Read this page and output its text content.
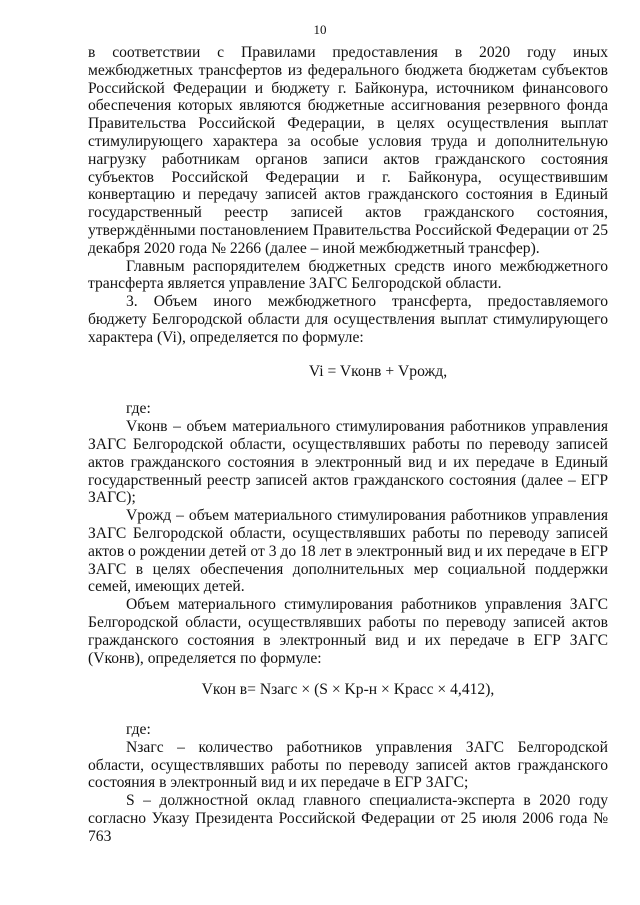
10

в соответствии с Правилами предоставления в 2020 году иных межбюджетных трансфертов из федерального бюджета бюджетам субъектов Российской Федерации и бюджету г. Байконура, источником финансового обеспечения которых являются бюджетные ассигнования резервного фонда Правительства Российской Федерации, в целях осуществления выплат стимулирующего характера за особые условия труда и дополнительную нагрузку работникам органов записи актов гражданского состояния субъектов Российской Федерации и г. Байконура, осуществившим конвертацию и передачу записей актов гражданского состояния в Единый государственный реестр записей актов гражданского состояния, утверждёнными постановлением Правительства Российской Федерации от 25 декабря 2020 года № 2266 (далее – иной межбюджетный трансфер).

Главным распорядителем бюджетных средств иного межбюджетного трансферта является управление ЗАГС Белгородской области.

3. Объем иного межбюджетного трансферта, предоставляемого бюджету Белгородской области для осуществления выплат стимулирующего характера (Vi), определяется по формуле:

Vi = Vконв + Vрожд,

где:

Vконв – объем материального стимулирования работников управления ЗАГС Белгородской области, осуществлявших работы по переводу записей актов гражданского состояния в электронный вид и их передаче в Единый государственный реестр записей актов гражданского состояния (далее – ЕГР ЗАГС);

Vрожд – объем материального стимулирования работников управления ЗАГС Белгородской области, осуществлявших работы по переводу записей актов о рождении детей от 3 до 18 лет в электронный вид и их передаче в ЕГР ЗАГС в целях обеспечения дополнительных мер социальной поддержки семей, имеющих детей.

Объем материального стимулирования работников управления ЗАГС Белгородской области, осуществлявших работы по переводу записей актов гражданского состояния в электронный вид и их передаче в ЕГР ЗАГС (Vконв), определяется по формуле:

Vкон в= Nзагс × (S × Kр-н × Kрасс × 4,412),

где:

Nзагс – количество работников управления ЗАГС Белгородской области, осуществлявших работы по переводу записей актов гражданского состояния в электронный вид и их передаче в ЕГР ЗАГС;

S – должностной оклад главного специалиста-эксперта в 2020 году согласно Указу Президента Российской Федерации от 25 июля 2006 года № 763
